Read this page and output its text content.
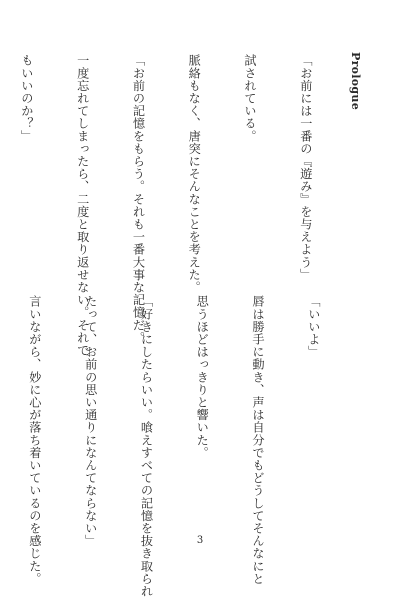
Prologue

「お前には一番の『遊み』を与えよう」

試されている。

脈絡もなく、唐突にそんなことを考えた。

「お前の記憶をもらう。それも一番大事な記憶だ。

一度忘れてしまったら、二度と取り返せない。それで

もいいのか？」

「いいよ」

唇は勝手に動き、声は自分でもどうしてそんなにと

思うほどはっきりと響いた。

「好きにしたらいい。喰えすべての記憶を抜き取られ

たって、お前の思い通りになんてならない」

言いながら、妙に心が落ち着いているのを感じた。

	3
